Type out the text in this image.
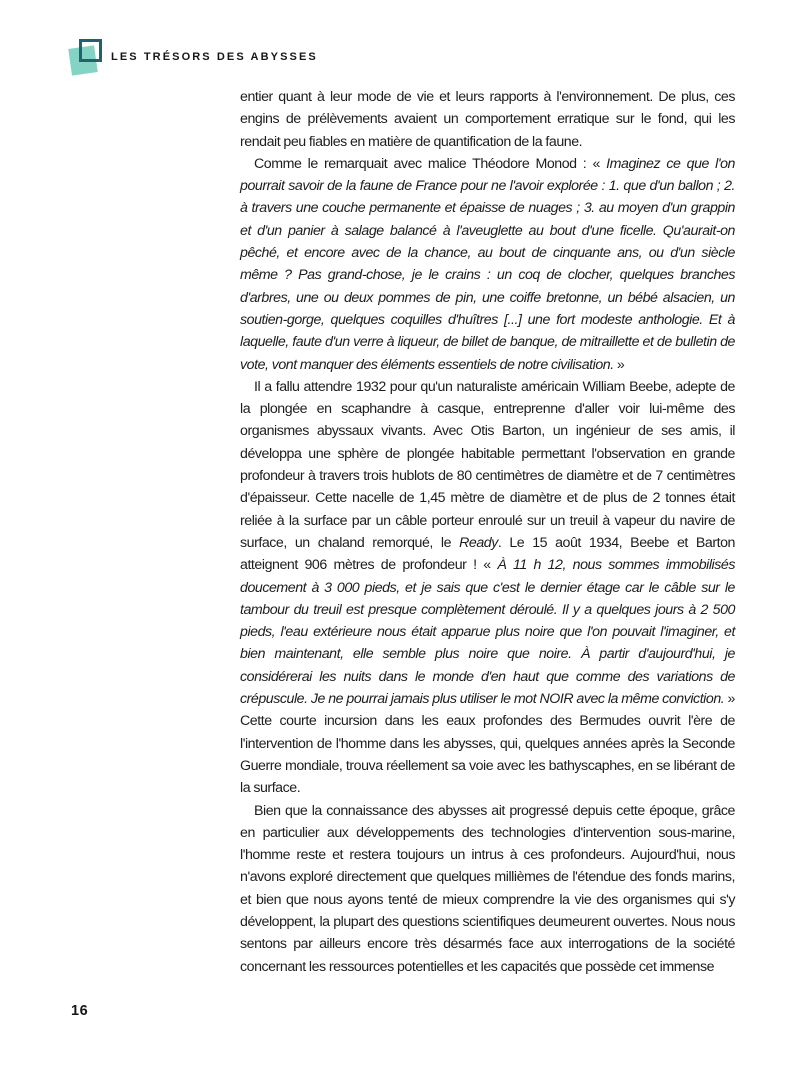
LES TRÉSORS DES ABYSSES

entier quant à leur mode de vie et leurs rapports à l'environnement. De plus, ces engins de prélèvements avaient un comportement erratique sur le fond, qui les rendait peu fiables en matière de quantification de la faune.

Comme le remarquait avec malice Théodore Monod : « Imaginez ce que l'on pourrait savoir de la faune de France pour ne l'avoir explorée : 1. que d'un ballon ; 2. à travers une couche permanente et épaisse de nuages ; 3. au moyen d'un grappin et d'un panier à salage balancé à l'aveuglette au bout d'une ficelle. Qu'aurait-on pêché, et encore avec de la chance, au bout de cinquante ans, ou d'un siècle même ? Pas grand-chose, je le crains : un coq de clocher, quelques branches d'arbres, une ou deux pommes de pin, une coiffe bretonne, un bébé alsacien, un soutien-gorge, quelques coquilles d'huîtres [...] une fort modeste anthologie. Et à laquelle, faute d'un verre à liqueur, de billet de banque, de mitraillette et de bulletin de vote, vont manquer des éléments essentiels de notre civilisation. »

Il a fallu attendre 1932 pour qu'un naturaliste américain William Beebe, adepte de la plongée en scaphandre à casque, entreprenne d'aller voir lui-même des organismes abyssaux vivants. Avec Otis Barton, un ingénieur de ses amis, il développa une sphère de plongée habitable permettant l'observation en grande profondeur à travers trois hublots de 80 centimètres de diamètre et de 7 centimètres d'épaisseur. Cette nacelle de 1,45 mètre de diamètre et de plus de 2 tonnes était reliée à la surface par un câble porteur enroulé sur un treuil à vapeur du navire de surface, un chaland remorqué, le Ready. Le 15 août 1934, Beebe et Barton atteignent 906 mètres de profondeur ! « À 11 h 12, nous sommes immobilisés doucement à 3 000 pieds, et je sais que c'est le dernier étage car le câble sur le tambour du treuil est presque complètement déroulé. Il y a quelques jours à 2 500 pieds, l'eau extérieure nous était apparue plus noire que l'on pouvait l'imaginer, et bien maintenant, elle semble plus noire que noire. À partir d'aujourd'hui, je considérerai les nuits dans le monde d'en haut que comme des variations de crépuscule. Je ne pourrai jamais plus utiliser le mot NOIR avec la même conviction. » Cette courte incursion dans les eaux profondes des Bermudes ouvrit l'ère de l'intervention de l'homme dans les abysses, qui, quelques années après la Seconde Guerre mondiale, trouva réellement sa voie avec les bathyscaphes, en se libérant de la surface.

Bien que la connaissance des abysses ait progressé depuis cette époque, grâce en particulier aux développements des technologies d'intervention sous-marine, l'homme reste et restera toujours un intrus à ces profondeurs. Aujourd'hui, nous n'avons exploré directement que quelques millièmes de l'étendue des fonds marins, et bien que nous ayons tenté de mieux comprendre la vie des organismes qui s'y développent, la plupart des questions scientifiques deumeurent ouvertes. Nous nous sentons par ailleurs encore très désarmés face aux interrogations de la société concernant les ressources potentielles et les capacités que possède cet immense

16
